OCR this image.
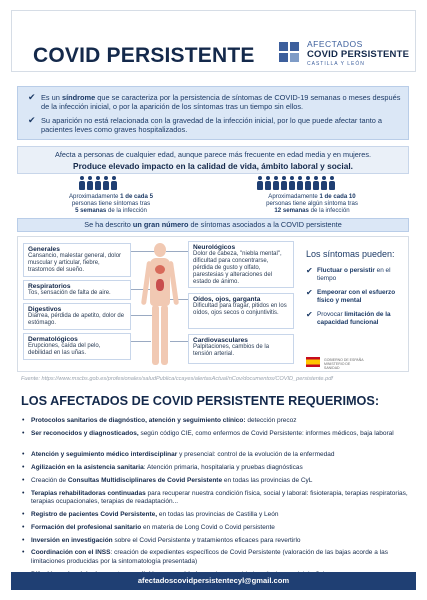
COVID PERSISTENTE	AFECTADOS
COVID PERSISTENTE
CASTILLA Y LEÓN
✔ Es un síndrome que se caracteriza por la persistencia de síntomas de COVID-19 semanas o meses después de la infección inicial, o por la aparición de los síntomas tras un tiempo sin ellos.
✔ Su aparición no está relacionada con la gravedad de la infección inicial, por lo que puede afectar tanto a pacientes leves como graves hospitalizados.
Afecta a personas de cualquier edad, aunque parece más frecuente en edad media y en mujeres.
Produce elevado impacto en la calidad de vida, ámbito laboral y social.
Aproximadamente 1 de cada 5
personas tiene síntomas tras
5 semanas de la infección
Aproximadamente 1 de cada 10
personas tiene algún síntoma tras
12 semanas de la infección
Se ha descrito un gran número de síntomas asociados a la COVID persistente
Generales
Cansancio, malestar general, dolor muscular y articular, fiebre, trastornos del sueño.
Respiratorios
Tos, sensación de falta de aire.
Digestivos
Diarrea, pérdida de apetito, dolor de estómago.
Dermatológicos
Erupciones, caída del pelo, debilidad en las uñas.
Neurológicos
Dolor de cabeza, "niebla mental", dificultad para concentrarse, pérdida de gusto y olfato, parestesias y alteraciones del estado de ánimo.
Oídos, ojos, garganta
Dificultad para tragar, pitidos en los oídos, ojos secos o conjuntivitis.
Cardiovasculares
Palpitaciones, cambios de la tensión arterial.
Los síntomas pueden:
✔ Fluctuar o persistir en el tiempo
✔ Empeorar con el esfuerzo físico y mental
✔ Provocar limitación de la capacidad funcional
GOBIERNO DE ESPAÑA MINISTERIO DE SANIDAD
Fuente: https://www.mscbs.gob.es/profesionales/saludPublica/ccayes/alertasActual/nCov/documentos/COVID_persistente.pdf
LOS AFECTADOS DE COVID PERSISTENTE REQUERIMOS:
• Protocolos sanitarios de diagnóstico, atención y seguimiento clínico: detección precoz
• Ser reconocidos y diagnosticados, según código CIE, como enfermos de Covid Persistente: informes médicos, baja laboral
• Atención y seguimiento médico interdisciplinar y presencial: control de la evolución de la enfermedad
• Agilización en la asistencia sanitaria: Atención primaria, hospitalaria y pruebas diagnósticas
• Creación de Consultas Multidisciplinares de Covid Persistente en todas las provincias de CyL
• Terapias rehabilitadoras continuadas para recuperar nuestra condición física, social y laboral: fisioterapia, terapias respiratorias, terapias ocupacionales, terapias de readaptación...
• Registro de pacientes Covid Persistente, en todas las provincias de Castilla y León
• Formación del profesional sanitario en materia de Long Covid o Covid persistente
• Inversión en investigación sobre el Covid Persistente y tratamientos eficaces para revertirlo
• Coordinación con el INSS: creación de expedientes específicos de Covid Persistente (valoración de las bajas acorde a las limitaciones producidas por la sintomatología presentada)
afectadoscovidpersistentecyl@gmail.com
